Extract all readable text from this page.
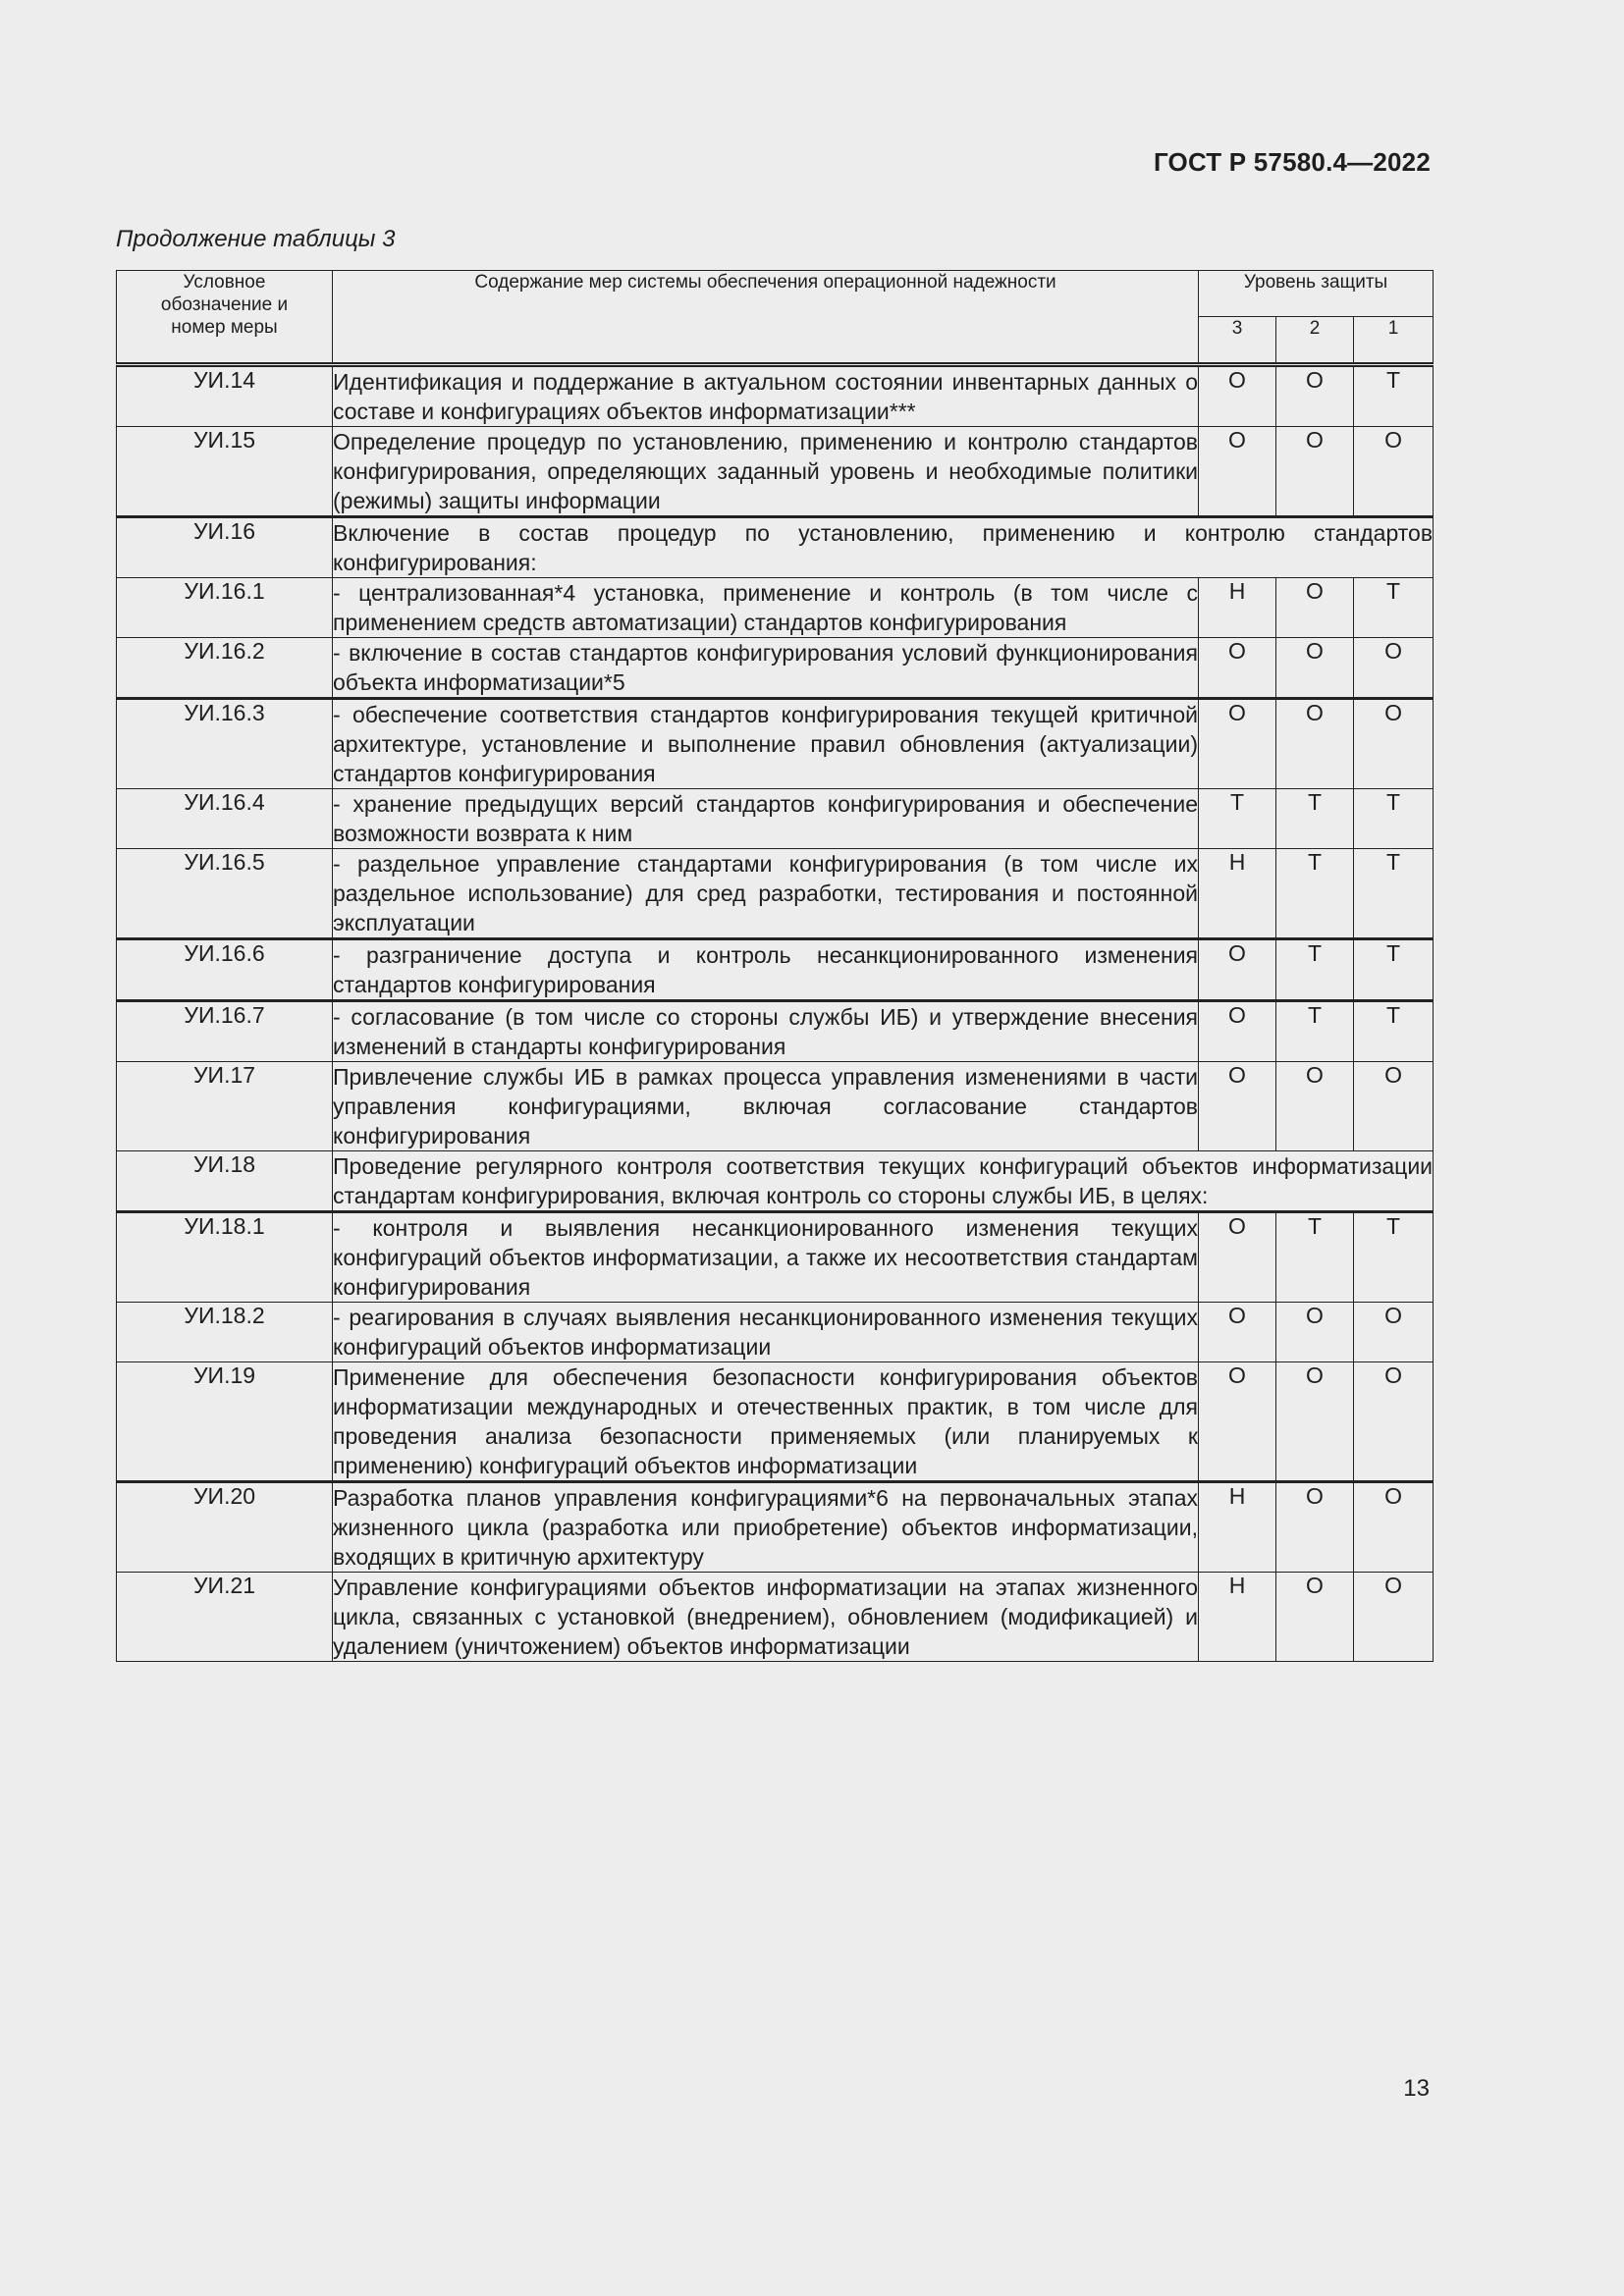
ГОСТ Р 57580.4—2022
Продолжение таблицы 3
Условное обозначение и номер меры	Содержание мер системы обеспечения операционной надежности	Уровень защиты		
		3	2	1
УИ.14	Идентификация и поддержание в актуальном состоянии инвентарных данных о составе и конфигурациях объектов информатизации***	О	О	Т
УИ.15	Определение процедур по установлению, применению и контролю стандартов конфигурирования, определяющих заданный уровень и необходимые политики (режимы) защиты информации	О	О	О
УИ.16	Включение в состав процедур по установлению, применению и контролю стандартов конфигурирования:			
УИ.16.1	- централизованная*4 установка, применение и контроль (в том числе с применением средств автоматизации) стандартов конфигурирования	Н	О	Т
УИ.16.2	- включение в состав стандартов конфигурирования условий функционирования объекта информатизации*5	О	О	О
УИ.16.3	- обеспечение соответствия стандартов конфигурирования текущей критичной архитектуре, установление и выполнение правил обновления (актуализации) стандартов конфигурирования	О	О	О
УИ.16.4	- хранение предыдущих версий стандартов конфигурирования и обеспечение возможности возврата к ним	Т	Т	Т
УИ.16.5	- раздельное управление стандартами конфигурирования (в том числе их раздельное использование) для сред разработки, тестирования и постоянной эксплуатации	Н	Т	Т
УИ.16.6	- разграничение доступа и контроль несанкционированного изменения стандартов конфигурирования	О	Т	Т
УИ.16.7	- согласование (в том числе со стороны службы ИБ) и утверждение внесения изменений в стандарты конфигурирования	О	Т	Т
УИ.17	Привлечение службы ИБ в рамках процесса управления изменениями в части управления конфигурациями, включая согласование стандартов конфигурирования	О	О	О
УИ.18	Проведение регулярного контроля соответствия текущих конфигураций объектов информатизации стандартам конфигурирования, включая контроль со стороны службы ИБ, в целях:			
УИ.18.1	- контроля и выявления несанкционированного изменения текущих конфигураций объектов информатизации, а также их несоответствия стандартам конфигурирования	О	Т	Т
УИ.18.2	- реагирования в случаях выявления несанкционированного изменения текущих конфигураций объектов информатизации	О	О	О
УИ.19	Применение для обеспечения безопасности конфигурирования объектов информатизации международных и отечественных практик, в том числе для проведения анализа безопасности применяемых (или планируемых к применению) конфигураций объектов информатизации	О	О	О
УИ.20	Разработка планов управления конфигурациями*6 на первоначальных этапах жизненного цикла (разработка или приобретение) объектов информатизации, входящих в критичную архитектуру	Н	О	О
УИ.21	Управление конфигурациями объектов информатизации на этапах жизненного цикла, связанных с установкой (внедрением), обновлением (модификацией) и удалением (уничтожением) объектов информатизации	Н	О	О
13
